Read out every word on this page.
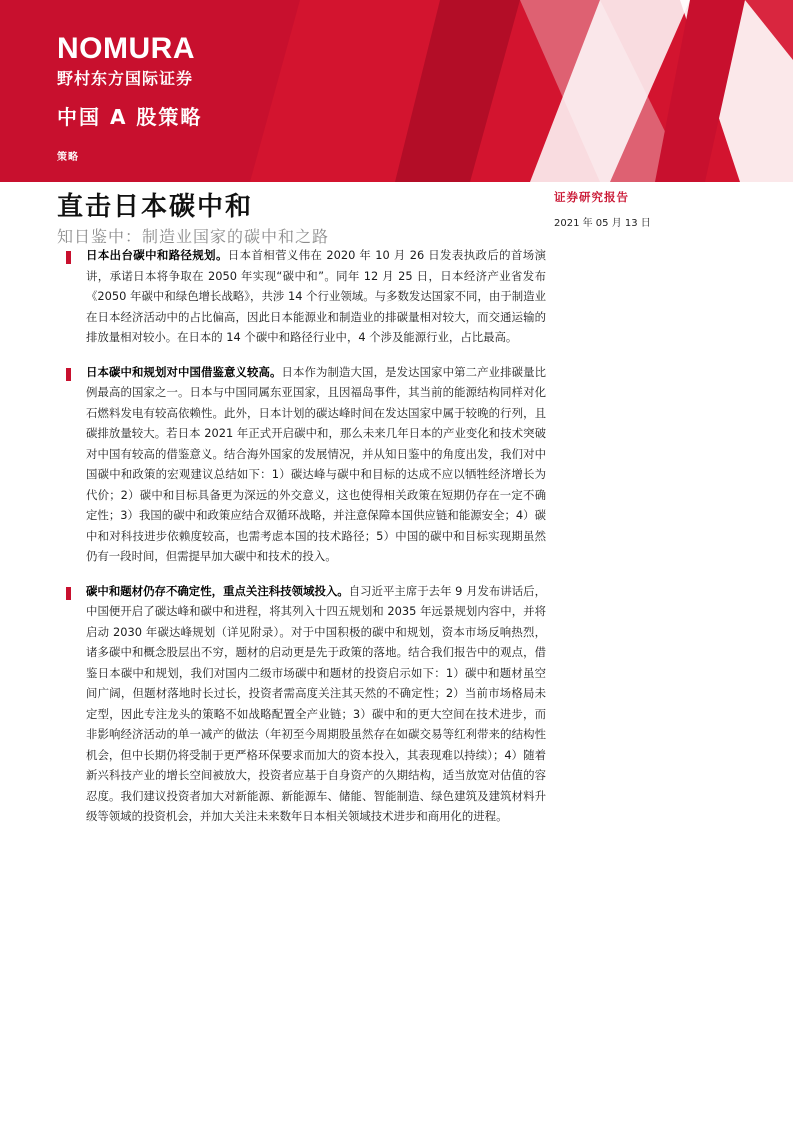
NOMURA
野村东方国际证券
中国 A 股策略
策略
直击日本碳中和
知日鉴中：制造业国家的碳中和之路
证券研究报告
2021 年 05 月 13 日

日本出台碳中和路径规划。日本首相菅义伟在 2020 年 10 月 26 日发表执政后的首场演讲，承诺日本将争取在 2050 年实现“碳中和”。同年 12 月 25 日，日本经济产业省发布《2050 年碳中和绿色增长战略》，共涉 14 个行业领域。与多数发达国家不同，由于制造业在日本经济活动中的占比偏高，因此日本能源业和制造业的排碳量相对较大，而交通运输的排放量相对较小。在日本的 14 个碳中和路径行业中，4 个涉及能源行业，占比最高。

日本碳中和规划对中国借鉴意义较高。日本作为制造大国，是发达国家中第二产业排碳量比例最高的国家之一。日本与中国同属东亚国家，且因福岛事件，其当前的能源结构同样对化石燃料发电有较高依赖性。此外，日本计划的碳达峰时间在发达国家中属于较晚的行列，且碳排放量较大。若日本 2021 年正式开启碳中和，那么未来几年日本的产业变化和技术突破对中国有较高的借鉴意义。结合海外国家的发展情况，并从知日鉴中的角度出发，我们对中国碳中和政策的宏观建议总结如下：1）碳达峰与碳中和目标的达成不应以牺牲经济增长为代价；2）碳中和目标具备更为深远的外交意义，这也使得相关政策在短期仍存在一定不确定性；3）我国的碳中和政策应结合双循环战略，并注意保障本国供应链和能源安全；4）碳中和对科技进步依赖度较高，也需考虑本国的技术路径；5）中国的碳中和目标实现期虽然仍有一段时间，但需提早加大碳中和技术的投入。

碳中和题材仍存不确定性，重点关注科技领域投入。自习近平主席于去年 9 月发布讲话后，中国便开启了碳达峰和碳中和进程，将其列入十四五规划和 2035 年远景规划内容中，并将启动 2030 年碳达峰规划（详见附录）。对于中国积极的碳中和规划，资本市场反响热烈，诸多碳中和概念股层出不穷，题材的启动更是先于政策的落地。结合我们报告中的观点，借鉴日本碳中和规划，我们对国内二级市场碳中和题材的投资启示如下：1）碳中和题材虽空间广阔，但题材落地时长过长，投资者需高度关注其天然的不确定性；2）当前市场格局未定型，因此专注龙头的策略不如战略配置全产业链；3）碳中和的更大空间在技术进步，而非影响经济活动的单一减产的做法（年初至今周期股虽然存在如碳交易等红利带来的结构性机会，但中长期仍将受制于更严格环保要求而加大的资本投入，其表现难以持续）；4）随着新兴科技产业的增长空间被放大，投资者应基于自身资产的久期结构，适当放宽对估值的容忍度。我们建议投资者加大对新能源、新能源车、储能、智能制造、绿色建筑及建筑材料升级等领域的投资机会，并加大关注未来数年日本相关领域技术进步和商用化的进程。
